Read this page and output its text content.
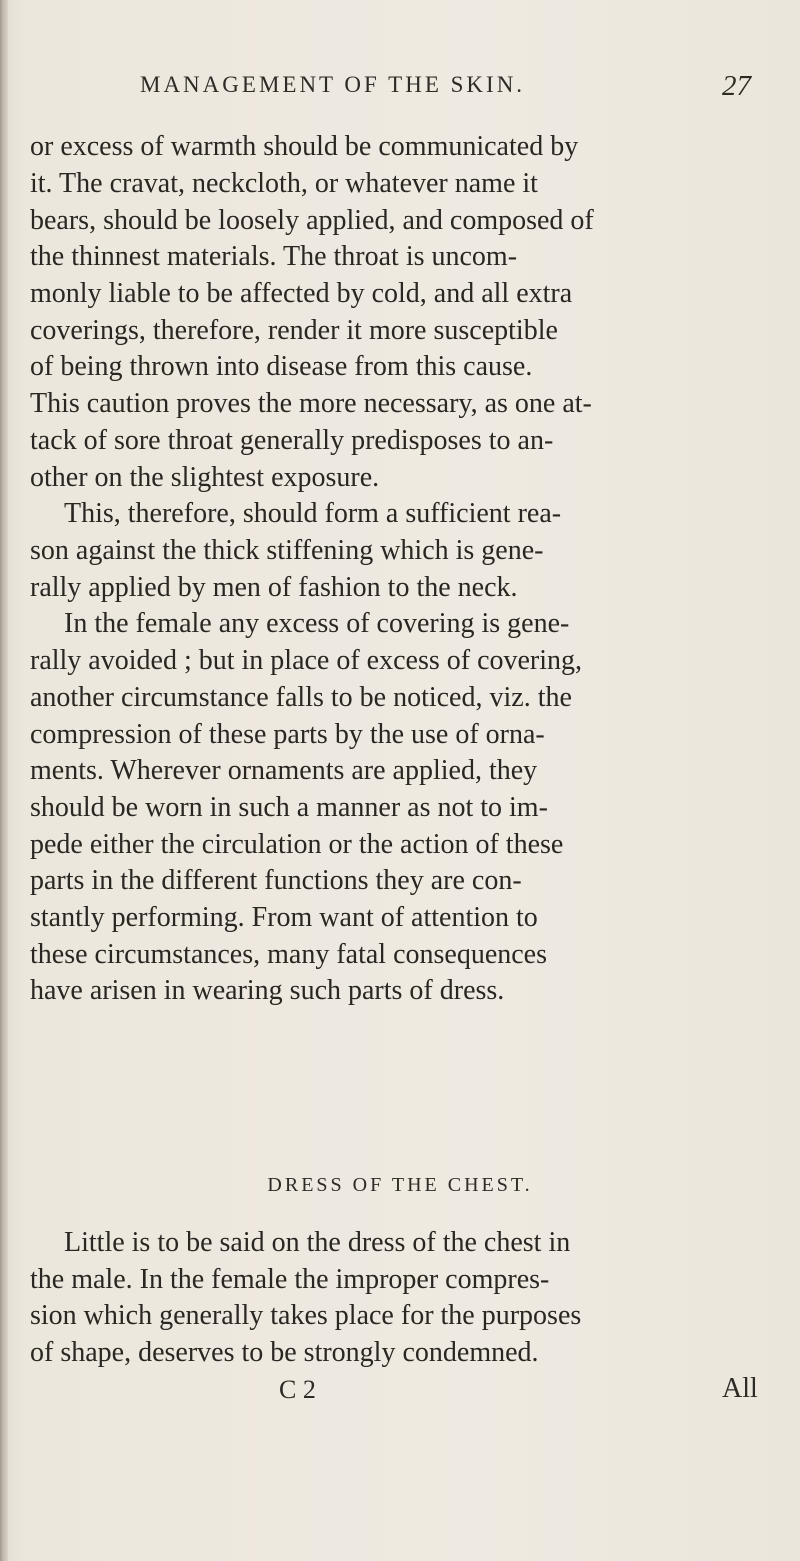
MANAGEMENT OF THE SKIN.	27
or excess of warmth should be communicated by
it. The cravat, neckcloth, or whatever name it
bears, should be loosely applied, and composed of
the thinnest materials. The throat is uncom-
monly liable to be affected by cold, and all extra
coverings, therefore, render it more susceptible
of being thrown into disease from this cause.
This caution proves the more necessary, as one at-
tack of sore throat generally predisposes to an-
other on the slightest exposure.
This, therefore, should form a sufficient rea-
son against the thick stiffening which is gene-
rally applied by men of fashion to the neck.
In the female any excess of covering is gene-
rally avoided ; but in place of excess of covering,
another circumstance falls to be noticed, viz. the
compression of these parts by the use of orna-
ments. Wherever ornaments are applied, they
should be worn in such a manner as not to im-
pede either the circulation or the action of these
parts in the different functions they are con-
stantly performing. From want of attention to
these circumstances, many fatal consequences
have arisen in wearing such parts of dress.
DRESS OF THE CHEST.
Little is to be said on the dress of the chest in
the male. In the female the improper compres-
sion which generally takes place for the purposes
of shape, deserves to be strongly condemned.
C 2	All
